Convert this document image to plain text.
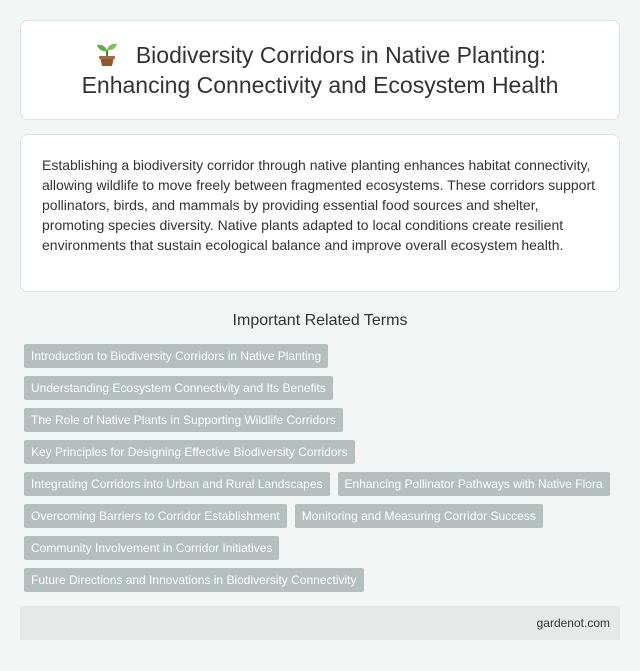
Biodiversity Corridors in Native Planting: Enhancing Connectivity and Ecosystem Health

Establishing a biodiversity corridor through native planting enhances habitat connectivity, allowing wildlife to move freely between fragmented ecosystems. These corridors support pollinators, birds, and mammals by providing essential food sources and shelter, promoting species diversity. Native plants adapted to local conditions create resilient environments that sustain ecological balance and improve overall ecosystem health.

Important Related Terms
Introduction to Biodiversity Corridors in Native Planting
Understanding Ecosystem Connectivity and Its Benefits
The Role of Native Plants in Supporting Wildlife Corridors
Key Principles for Designing Effective Biodiversity Corridors
Integrating Corridors into Urban and Rural Landscapes	Enhancing Pollinator Pathways with Native Flora
Overcoming Barriers to Corridor Establishment	Monitoring and Measuring Corridor Success
Community Involvement in Corridor Initiatives
Future Directions and Innovations in Biodiversity Connectivity
gardenot.com
